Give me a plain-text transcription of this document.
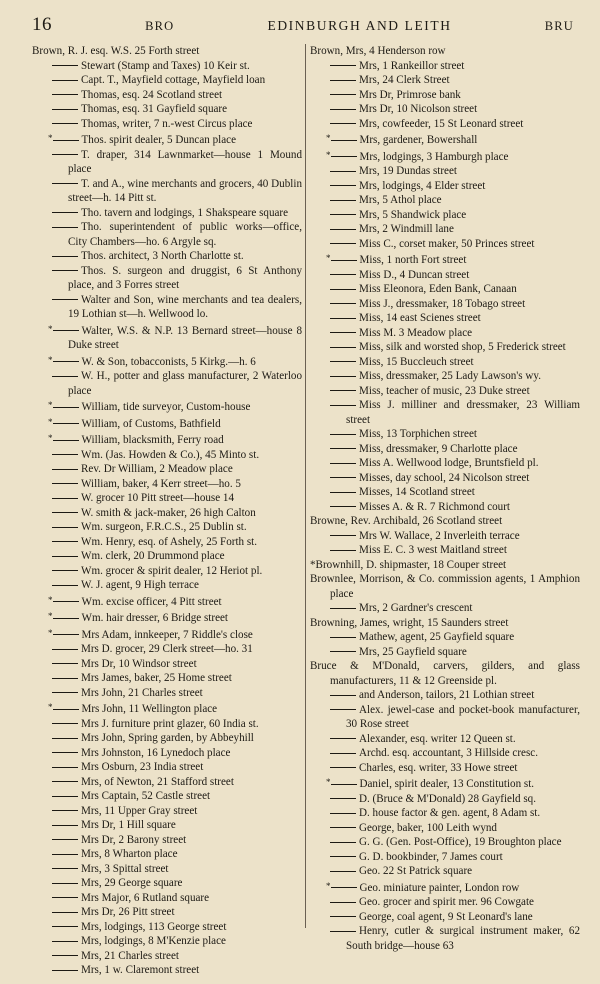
16	BRO	EDINBURGH AND LEITH	BRU
Brown, R. J. esq. W.S. 25 Forth street
Stewart (Stamp and Taxes) 10 Keir st.
Capt. T., Mayfield cottage, Mayfield loan
Thomas, esq. 24 Scotland street
Thomas, esq. 31 Gayfield square
Thomas, writer, 7 n.-west Circus place
*	Thos. spirit dealer, 5 Duncan place
T. draper, 314 Lawnmarket—house 1 Mound place
T. and A., wine merchants and grocers, 40 Dublin street—h. 14 Pitt st.
Tho. tavern and lodgings, 1 Shakspeare square
Tho. superintendent of public works—office, City Chambers—ho. 6 Argyle sq.
Thos. architect, 3 North Charlotte st.
Thos. S. surgeon and druggist, 6 St Anthony place, and 3 Forres street
Walter and Son, wine merchants and tea dealers, 19 Lothian st—h. Wellwood lo.
*	Walter, W.S. & N.P. 13 Bernard street—house 8 Duke street
*	W. & Son, tobacconists, 5 Kirkg.—h. 6
W. H., potter and glass manufacturer, 2 Waterloo place
*	William, tide surveyor, Custom-house
*	William, of Customs, Bathfield
*	William, blacksmith, Ferry road
Wm. (Jas. Howden & Co.), 45 Minto st.
Rev. Dr William, 2 Meadow place
William, baker, 4 Kerr street—ho. 5
W. grocer 10 Pitt street—house 14
W. smith & jack-maker, 26 high Calton
Wm. surgeon, F.R.C.S., 25 Dublin st.
Wm. Henry, esq. of Ashely, 25 Forth st.
Wm. clerk, 20 Drummond place
Wm. grocer & spirit dealer, 12 Heriot pl.
W. J. agent, 9 High terrace
*	Wm. excise officer, 4 Pitt street
*	Wm. hair dresser, 6 Bridge street
*	Mrs Adam, innkeeper, 7 Riddle's close
Mrs D. grocer, 29 Clerk street—ho. 31
Mrs Dr, 10 Windsor street
Mrs James, baker, 25 Home street
Mrs John, 21 Charles street
*	Mrs John, 11 Wellington place
Mrs J. furniture print glazer, 60 India st.
Mrs John, Spring garden, by Abbeyhill
Mrs Johnston, 16 Lynedoch place
Mrs Osburn, 23 India street
Mrs, of Newton, 21 Stafford street
Mrs Captain, 52 Castle street
Mrs, 11 Upper Gray street
Mrs Dr, 1 Hill square
Mrs Dr, 2 Barony street
Mrs, 8 Wharton place
Mrs, 3 Spittal street
Mrs, 29 George square
Mrs Major, 6 Rutland square
Mrs Dr, 26 Pitt street
Mrs, lodgings, 113 George street
Mrs, lodgings, 8 M'Kenzie place
Mrs, 21 Charles street
Mrs, 1 w. Claremont street
Brown, Mrs, 4 Henderson row
Mrs, 1 Rankeillor street
Mrs, 24 Clerk Street
Mrs Dr, Primrose bank
Mrs Dr, 10 Nicolson street
Mrs, cowfeeder, 15 St Leonard street
*	Mrs, gardener, Bowershall
*	Mrs, lodgings, 3 Hamburgh place
Mrs, 19 Dundas street
Mrs, lodgings, 4 Elder street
Mrs, 5 Athol place
Mrs, 5 Shandwick place
Mrs, 2 Windmill lane
Miss C., corset maker, 50 Princes street
*	Miss, 1 north Fort street
Miss D., 4 Duncan street
Miss Eleonora, Eden Bank, Canaan
Miss J., dressmaker, 18 Tobago street
Miss, 14 east Scienes street
Miss M. 3 Meadow place
Miss, silk and worsted shop, 5 Frederick street
Miss, 15 Buccleuch street
Miss, dressmaker, 25 Lady Lawson's wy.
Miss, teacher of music, 23 Duke street
Miss J. milliner and dressmaker, 23 William street
Miss, 13 Torphichen street
Miss, dressmaker, 9 Charlotte place
Miss A. Wellwood lodge, Bruntsfield pl.
Misses, day school, 24 Nicolson street
Misses, 14 Scotland street
Misses A. & R. 7 Richmond court
Browne, Rev. Archibald, 26 Scotland street
Mrs W. Wallace, 2 Inverleith terrace
Miss E. C. 3 west Maitland street
*Brownhill, D. shipmaster, 18 Couper street
Brownlee, Morrison, & Co. commission agents, 1 Amphion place
Mrs, 2 Gardner's crescent
Browning, James, wright, 15 Saunders street
Mathew, agent, 25 Gayfield square
Mrs, 25 Gayfield square
Bruce & M'Donald, carvers, gilders, and glass manufacturers, 11 & 12 Greenside pl.
and Anderson, tailors, 21 Lothian street
Alex. jewel-case and pocket-book manufacturer, 30 Rose street
Alexander, esq. writer 12 Queen st.
Archd. esq. accountant, 3 Hillside cresc.
Charles, esq. writer, 33 Howe street
*	Daniel, spirit dealer, 13 Constitution st.
D. (Bruce & M'Donald) 28 Gayfield sq.
D. house factor & gen. agent, 8 Adam st.
George, baker, 100 Leith wynd
G. G. (Gen. Post-Office), 19 Broughton place
G. D. bookbinder, 7 James court
Geo. 22 St Patrick square
*	Geo. miniature painter, London row
Geo. grocer and spirit mer. 96 Cowgate
George, coal agent, 9 St Leonard's lane
Henry, cutler & surgical instrument maker, 62 South bridge—house 63
